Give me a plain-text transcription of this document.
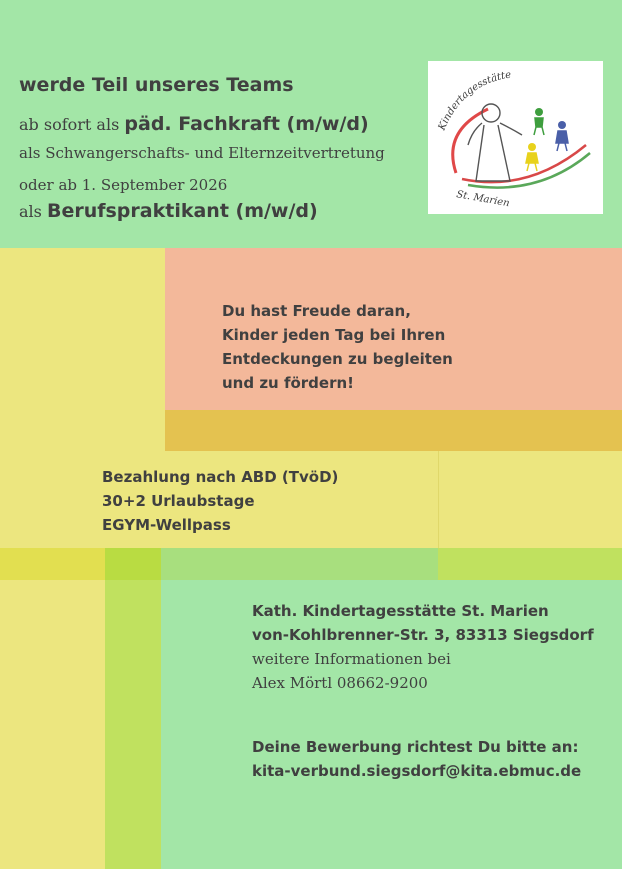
werde Teil unseres Teams
ab sofort als päd. Fachkraft (m/w/d)
als Schwangerschafts- und Elternzeitvertretung
oder ab 1. September 2026
als Berufspraktikant (m/w/d)
Kindertagesstätte
St. Marien
Du hast Freude daran,
Kinder jeden Tag bei Ihren
Entdeckungen zu begleiten
und zu fördern!
Bezahlung nach ABD (TvöD)
30+2 Urlaubstage
EGYM-Wellpass
Kath. Kindertagesstätte St. Marien
von-Kohlbrenner-Str. 3, 83313 Siegsdorf
weitere Informationen bei
Alex Mörtl 08662-9200
Deine Bewerbung richtest Du bitte an:
kita-verbund.siegsdorf@kita.ebmuc.de
